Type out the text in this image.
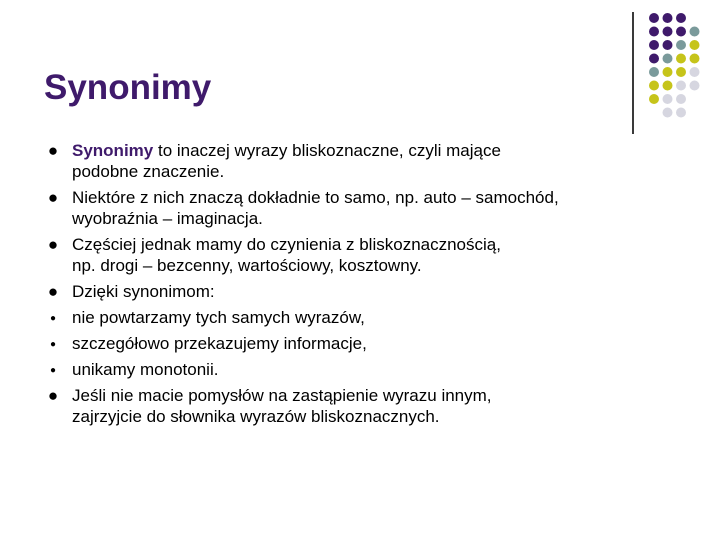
Synonimy
● Synonimy to inaczej wyrazy bliskoznaczne, czyli mające
podobne znaczenie.
● Niektóre z nich znaczą dokładnie to samo, np. auto – samochód,
wyobraźnia – imaginacja.
● Częściej jednak mamy do czynienia z bliskoznacznością,
np. drogi – bezcenny, wartościowy, kosztowny.
● Dzięki synonimom:
● nie powtarzamy tych samych wyrazów,
● szczegółowo przekazujemy informacje,
● unikamy monotonii.
● Jeśli nie macie pomysłów na zastąpienie wyrazu innym,
zajrzyjcie do słownika wyrazów bliskoznacznych.
